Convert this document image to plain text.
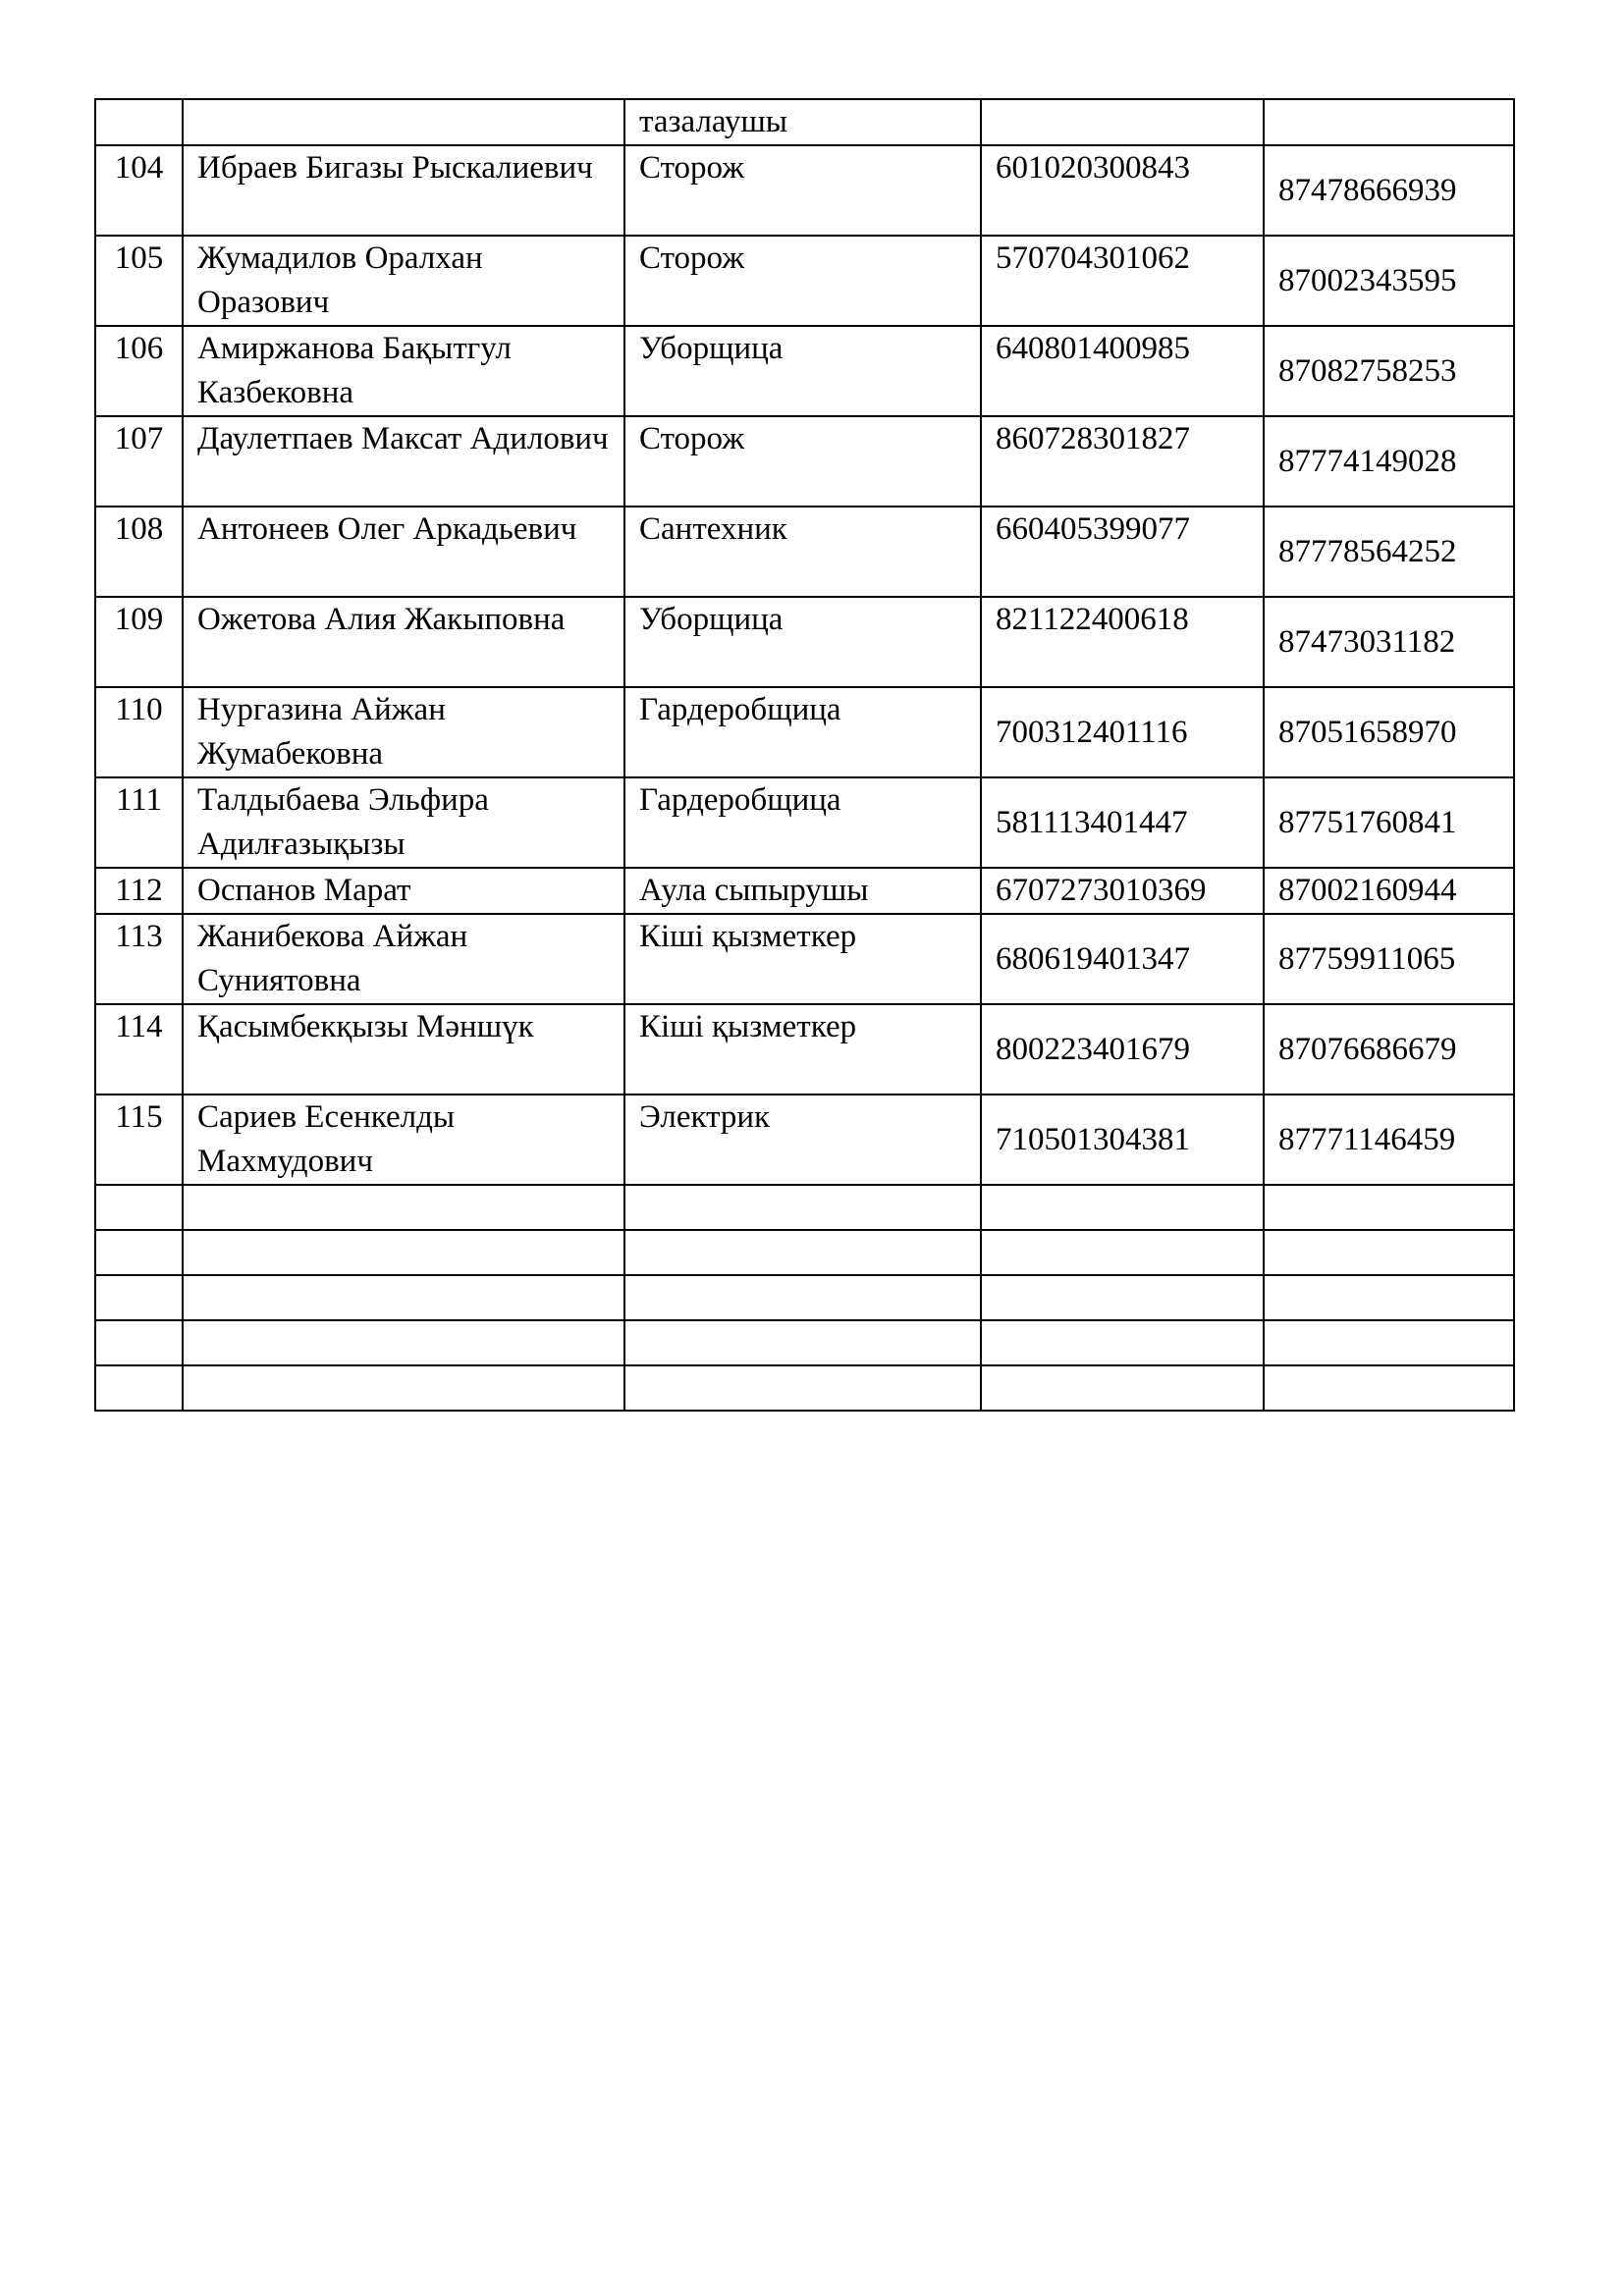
		тазалаушы		
104	Ибраев Бигазы Рыскалиевич	Сторож	601020300843	87478666939
105	Жумадилов Оралхан Оразович	Сторож	570704301062	87002343595
106	Амиржанова Бақытгул Казбековна	Уборщица	640801400985	87082758253
107	Даулетпаев Максат Адилович	Сторож	860728301827	87774149028
108	Антонеев Олег Аркадьевич	Сантехник	660405399077	87778564252
109	Ожетова Алия Жакыповна	Уборщица	821122400618	87473031182
110	Нургазина Айжан Жумабековна	Гардеробщица	700312401116	87051658970
111	Талдыбаева Эльфира Адилғазықызы	Гардеробщица	581113401447	87751760841
112	Оспанов Марат	Аула сыпырушы	6707273010369	87002160944
113	Жанибекова Айжан Суниятовна	Кіші қызметкер	680619401347	87759911065
114	Қасымбекқызы Мәншүк	Кіші қызметкер	800223401679	87076686679
115	Сариев Есенкелды Махмудович	Электрик	710501304381	87771146459
